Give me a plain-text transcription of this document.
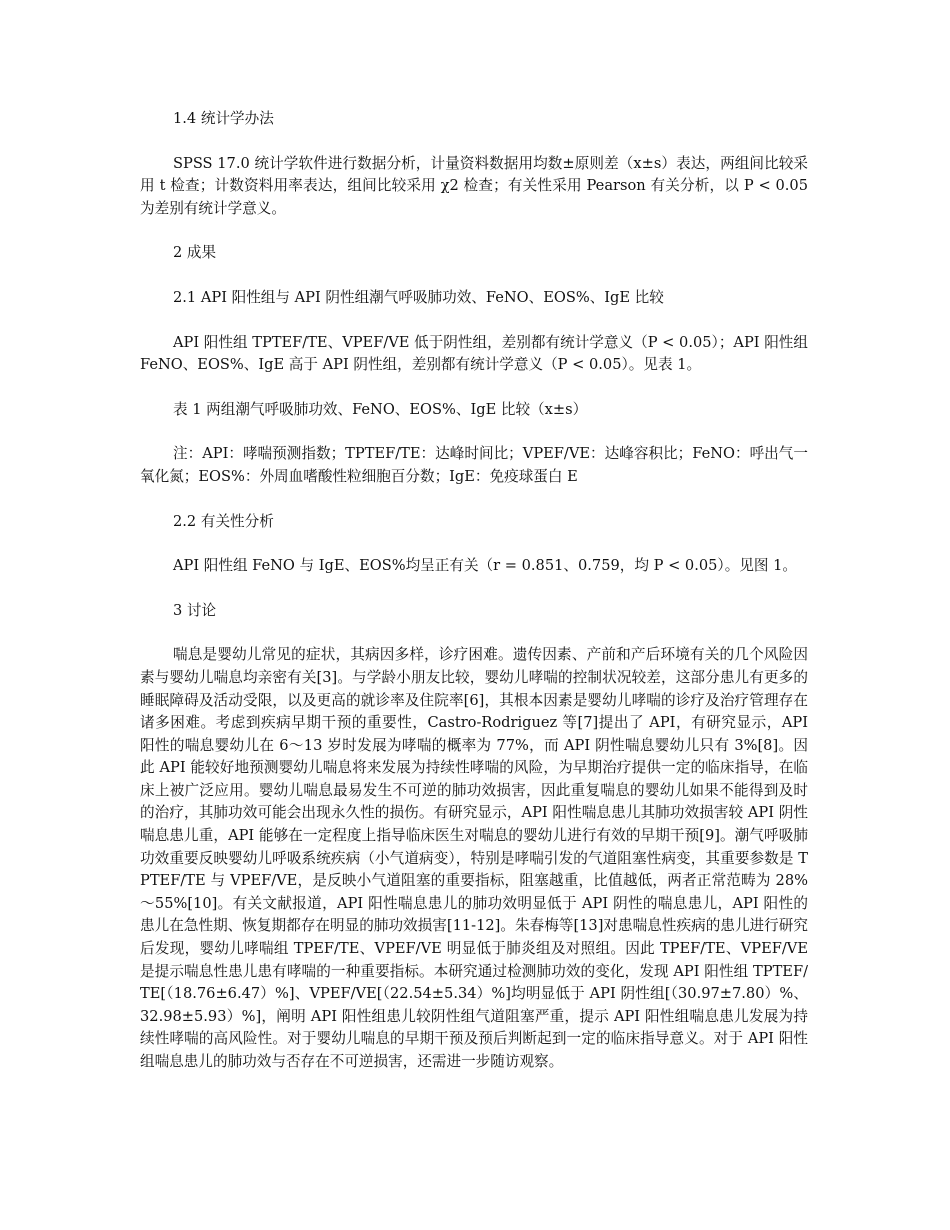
1.4 统计学办法

SPSS 17.0 统计学软件进行数据分析，计量资料数据用均数±原则差（x±s）表达，两组间比较采用 t 检查；计数资料用率表达，组间比较采用 χ2 检查；有关性采用 Pearson 有关分析，以 P < 0.05 为差别有统计学意义。

2 成果

2.1 API 阳性组与 API 阴性组潮气呼吸肺功效、FeNO、EOS%、IgE 比较

API 阳性组 TPTEF/TE、VPEF/VE 低于阴性组，差别都有统计学意义（P < 0.05）；API 阳性组 FeNO、EOS%、IgE 高于 API 阴性组，差别都有统计学意义（P < 0.05）。见表 1。

表 1 两组潮气呼吸肺功效、FeNO、EOS%、IgE 比较（x±s）

注：API：哮喘预测指数；TPTEF/TE：达峰时间比；VPEF/VE：达峰容积比；FeNO：呼出气一氧化氮；EOS%：外周血嗜酸性粒细胞百分数；IgE：免疫球蛋白 E

2.2 有关性分析

API 阳性组 FeNO 与 IgE、EOS%均呈正有关（r = 0.851、0.759，均 P < 0.05）。见图 1。

3 讨论

喘息是婴幼儿常见的症状，其病因多样，诊疗困难。遗传因素、产前和产后环境有关的几个风险因素与婴幼儿喘息均亲密有关[3]。与学龄小朋友比较，婴幼儿哮喘的控制状况较差，这部分患儿有更多的睡眠障碍及活动受限，以及更高的就诊率及住院率[6]，其根本因素是婴幼儿哮喘的诊疗及治疗管理存在诸多困难。考虑到疾病早期干预的重要性，Castro-Rodriguez 等[7]提出了 API，有研究显示，API 阳性的喘息婴幼儿在 6～13 岁时发展为哮喘的概率为 77%，而 API 阴性喘息婴幼儿只有 3%[8]。因此 API 能较好地预测婴幼儿喘息将来发展为持续性哮喘的风险，为早期治疗提供一定的临床指导，在临床上被广泛应用。婴幼儿喘息最易发生不可逆的肺功效损害，因此重复喘息的婴幼儿如果不能得到及时的治疗，其肺功效可能会出现永久性的损伤。有研究显示，API 阳性喘息患儿其肺功效损害较 API 阴性喘息患儿重，API 能够在一定程度上指导临床医生对喘息的婴幼儿进行有效的早期干预[9]。潮气呼吸肺功效重要反映婴幼儿呼吸系统疾病（小气道病变），特别是哮喘引发的气道阻塞性病变，其重要参数是 TPTEF/TE 与 VPEF/VE，是反映小气道阻塞的重要指标，阻塞越重，比值越低，两者正常范畴为 28%～55%[10]。有关文献报道，API 阳性喘息患儿的肺功效明显低于 API 阴性的喘息患儿，API 阳性的患儿在急性期、恢复期都存在明显的肺功效损害[11-12]。朱春梅等[13]对患喘息性疾病的患儿进行研究后发现，婴幼儿哮喘组 TPEF/TE、VPEF/VE 明显低于肺炎组及对照组。因此 TPEF/TE、VPEF/VE 是提示喘息性患儿患有哮喘的一种重要指标。本研究通过检测肺功效的变化，发现 API 阳性组 TPTEF/TE[（18.76±6.47）%]、VPEF/VE[（22.54±5.34）%]均明显低于 API 阴性组[（30.97±7.80）%、32.98±5.93）%]，阐明 API 阳性组患儿较阴性组气道阻塞严重，提示 API 阳性组喘息患儿发展为持续性哮喘的高风险性。对于婴幼儿喘息的早期干预及预后判断起到一定的临床指导意义。对于 API 阳性组喘息患儿的肺功效与否存在不可逆损害，还需进一步随访观察。
